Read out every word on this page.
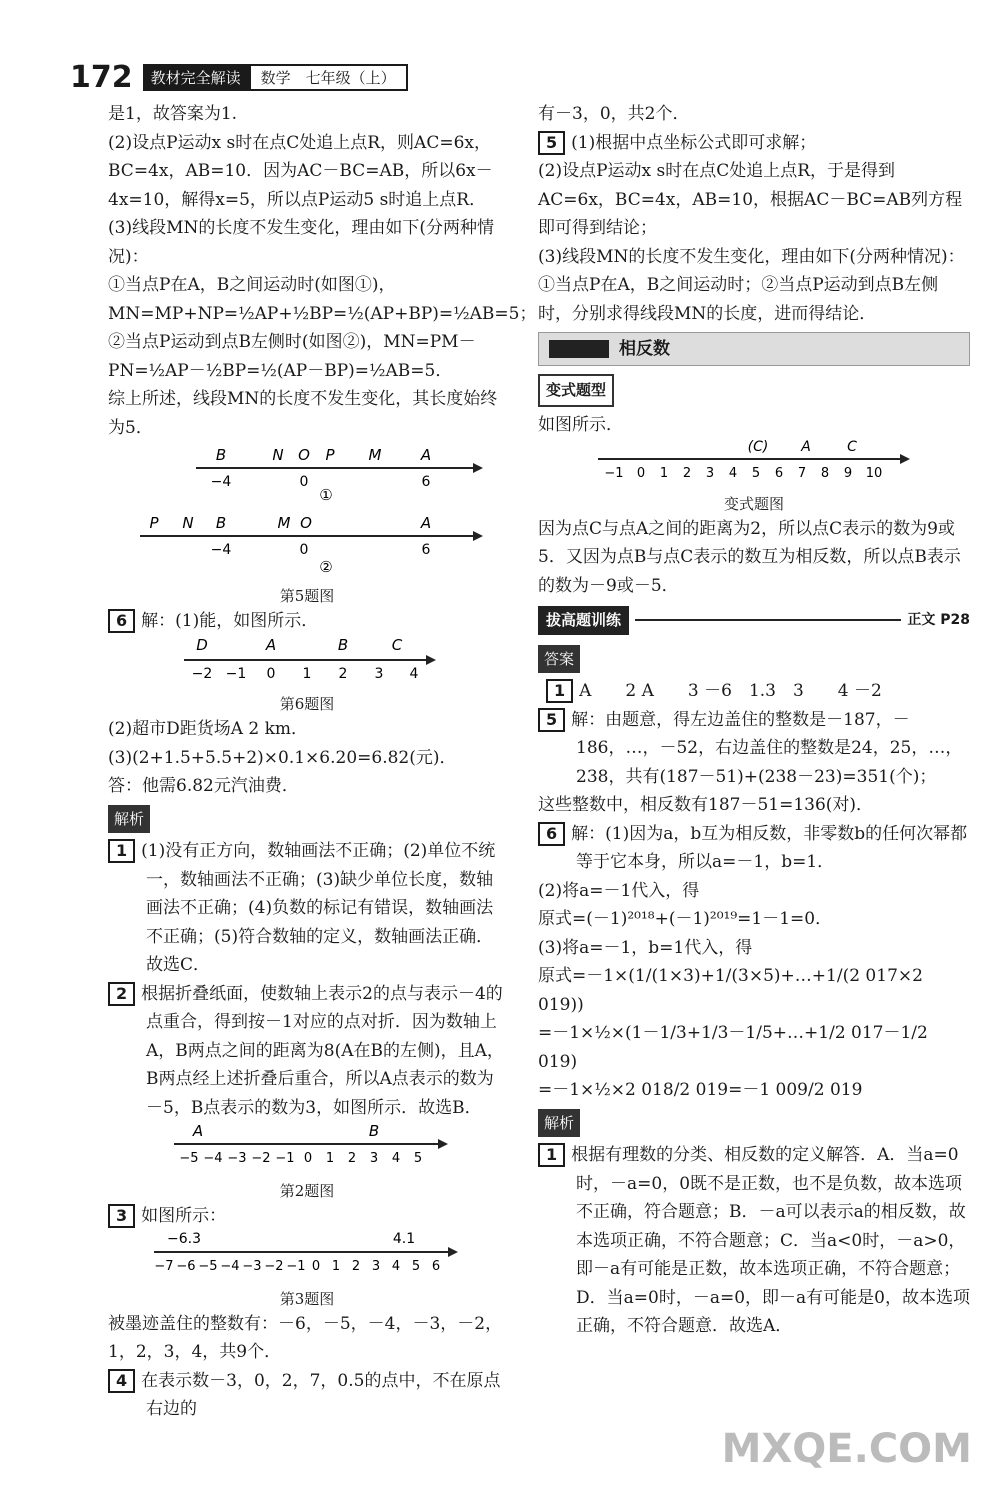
172	教材完全解读	数学　七年级（上）

是1，故答案为1.

(2)设点P运动x s时在点C处追上点R，则AC=6x，BC=4x，AB=10．因为AC－BC=AB，所以6x－4x=10，解得x=5，所以点P运动5 s时追上点R．

(3)线段MN的长度不发生变化，理由如下(分两种情况)：

①当点P在A，B之间运动时(如图①)，MN=MP+NP=½AP+½BP=½(AP+BP)=½AB=5；

②当点P运动到点B左侧时(如图②)，MN=PM－PN=½AP－½BP=½(AP－BP)=½AB=5．

综上所述，线段MN的长度不发生变化，其长度始终为5．

B	N O P M	A
−4	0	6
①

P N B	M O	A
−4	0	6
②

第5题图

6 解：(1)能，如图所示．

−2 −1 0 1 2 3 4
D	A	B	C

第6题图

(2)超市D距货场A 2 km．

(3)(2+1.5+5.5+2)×0.1×6.20=6.82(元)．

答：他需6.82元汽油费．

解析

1 (1)没有正方向，数轴画法不正确；(2)单位不统一，数轴画法不正确；(3)缺少单位长度，数轴画法不正确；(4)负数的标记有错误，数轴画法不正确；(5)符合数轴的定义，数轴画法正确．故选C．

2 根据折叠纸面，使数轴上表示2的点与表示－4的点重合，得到按－1对应的点对折．因为数轴上A，B两点之间的距离为8(A在B的左侧)，且A，B两点经上述折叠后重合，所以A点表示的数为－5，B点表示的数为3，如图所示．故选B．

−5 −4 −3 −2 −1 0 1 2 3 4 5
A	B

第2题图

3 如图所示：

−7 −6 −5 −4 −3 −2 −1 0 1 2 3 4 5 6
−6.3	4.1

第3题图

被墨迹盖住的整数有：－6，－5，－4，－3，－2，1，2，3，4，共9个．

4 在表示数－3，0，2，7，0.5的点中，不在原点右边的

有－3，0，共2个．

5 (1)根据中点坐标公式即可求解；

(2)设点P运动x s时在点C处追上点R，于是得到AC=6x，BC=4x，AB=10，根据AC－BC=AB列方程即可得到结论；

(3)线段MN的长度不发生变化，理由如下(分两种情况)：①当点P在A，B之间运动时；②当点P运动到点B左侧时，分别求得线段MN的长度，进而得结论．

相反数
变式题型

如图所示．

−1 0 1 2 3 4 5 6 7 8 9 10
(C) A	C

变式题图

因为点C与点A之间的距离为2，所以点C表示的数为9或5．又因为点B与点C表示的数互为相反数，所以点B表示的数为－9或－5．

拔高题训练	正文 P28
答案

1 A　　2 A　　3 －6　1.3　3　　4 －2

5 解：由题意，得左边盖住的整数是－187，－186，…，－52，右边盖住的整数是24，25，…，238，共有(187－51)+(238－23)=351(个)；

这些整数中，相反数有187－51=136(对)．

6 解：(1)因为a，b互为相反数，非零数b的任何次幂都等于它本身，所以a=－1，b=1．

(2)将a=－1代入，得

原式=(－1)²⁰¹⁸+(－1)²⁰¹⁹=1－1=0．

(3)将a=－1，b=1代入，得

原式=－1×(1/(1×3)+1/(3×5)+…+1/(2 017×2 019))

=－1×½×(1－1/3+1/3－1/5+…+1/2 017－1/2 019)

=－1×½×2 018/2 019=－1 009/2 019

解析

1 根据有理数的分类、相反数的定义解答．A．当a=0时，－a=0，0既不是正数，也不是负数，故本选项不正确，符合题意；B．－a可以表示a的相反数，故本选项正确，不符合题意；C．当a<0时，－a>0，即－a有可能是正数，故本选项正确，不符合题意；D．当a=0时，－a=0，即－a有可能是0，故本选项正确，不符合题意．故选A．

MXQE.COM
